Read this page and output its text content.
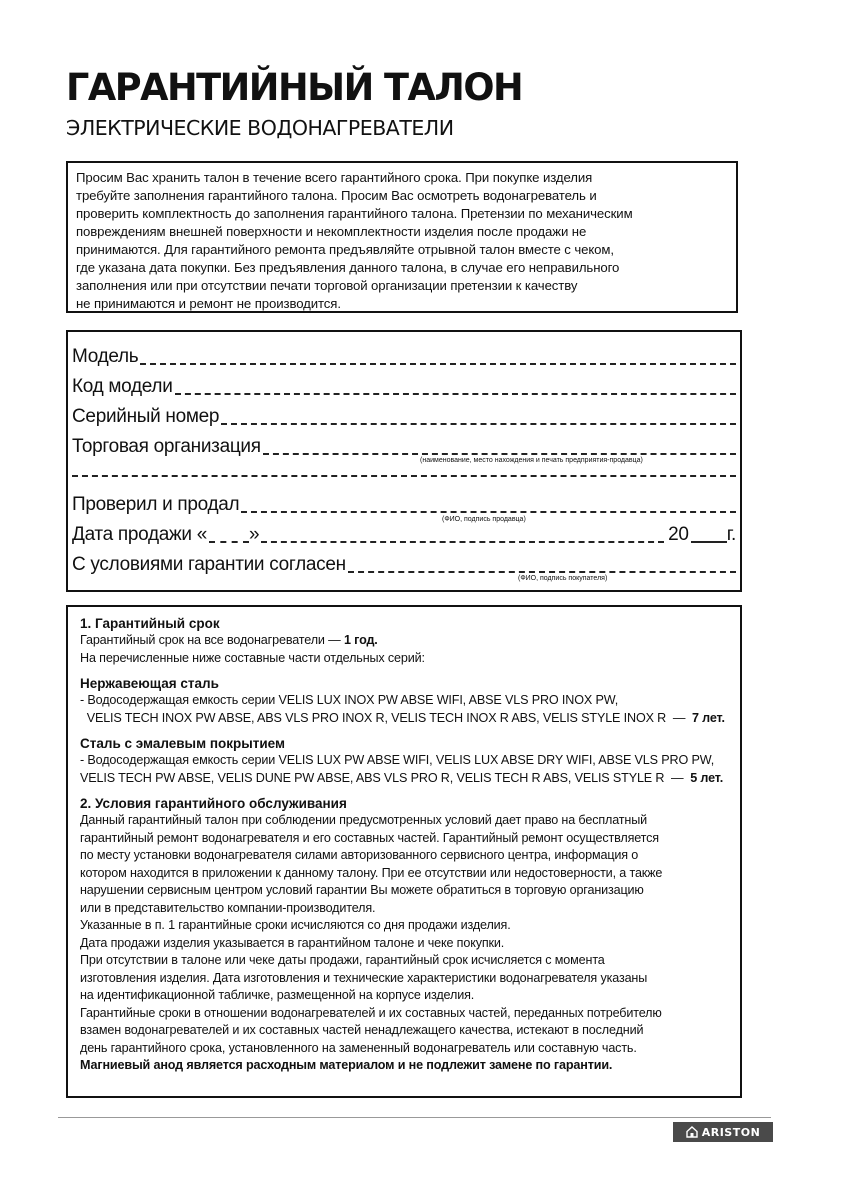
ГАРАНТИЙНЫЙ ТАЛОН
ЭЛЕКТРИЧЕСКИЕ ВОДОНАГРЕВАТЕЛИ
Просим Вас хранить талон в течение всего гарантийного срока. При покупке изделия
требуйте заполнения гарантийного талона. Просим Вас осмотреть водонагреватель и
проверить комплектность до заполнения гарантийного талона. Претензии по механическим
повреждениям внешней поверхности и некомплектности изделия после продажи не
принимаются. Для гарантийного ремонта предъявляйте отрывной талон вместе с чеком,
где указана дата покупки. Без предъявления данного талона, в случае его неправильного
заполнения или при отсутствии печати торговой организации претензии к качеству
не принимаются и ремонт не производится.
Модель
Код модели
Серийный номер
Торговая организация
(наименование, место нахождения и печать предприятия-продавца)
Проверил и продал
(ФИО, подпись продавца)
Дата продажи « »	20 г.
С условиями гарантии согласен
(ФИО, подпись покупателя)
1. Гарантийный срок
Гарантийный срок на все водонагреватели — 1 год.
На перечисленные ниже составные части отдельных серий:
Нержавеющая сталь
- Водосодержащая емкость серии VELIS LUX INOX PW ABSE WIFI, ABSE VLS PRO INOX PW,
VELIS TECH INOX PW ABSE, ABS VLS PRO INOX R, VELIS TECH INOX R ABS, VELIS STYLE INOX R  —  7 лет.
Сталь с эмалевым покрытием
- Водосодержащая емкость серии VELIS LUX PW ABSE WIFI, VELIS LUX ABSE DRY WIFI, ABSE VLS PRO PW,
VELIS TECH PW ABSE, VELIS DUNE PW ABSE, ABS VLS PRO R, VELIS TECH R ABS, VELIS STYLE R  —  5 лет.
2. Условия гарантийного обслуживания
Данный гарантийный талон при соблюдении предусмотренных условий дает право на бесплатный
гарантийный ремонт водонагревателя и его составных частей. Гарантийный ремонт осуществляется
по месту установки водонагревателя силами авторизованного сервисного центра, информация о
котором находится в приложении к данному талону. При ее отсутствии или недостоверности, а также
нарушении сервисным центром условий гарантии Вы можете обратиться в торговую организацию
или в представительство компании-производителя.
Указанные в п. 1 гарантийные сроки исчисляются со дня продажи изделия.
Дата продажи изделия указывается в гарантийном талоне и чеке покупки.
При отсутствии в талоне или чеке даты продажи, гарантийный срок исчисляется с момента
изготовления изделия. Дата изготовления и технические характеристики водонагревателя указаны
на идентификационной табличке, размещенной на корпусе изделия.
Гарантийные сроки в отношении водонагревателей и их составных частей, переданных потребителю
взамен водонагревателей и их составных частей ненадлежащего качества, истекают в последний
день гарантийного срока, установленного на замененный водонагреватель или составную часть.
Магниевый анод является расходным материалом и не подлежит замене по гарантии.
ARISTON
